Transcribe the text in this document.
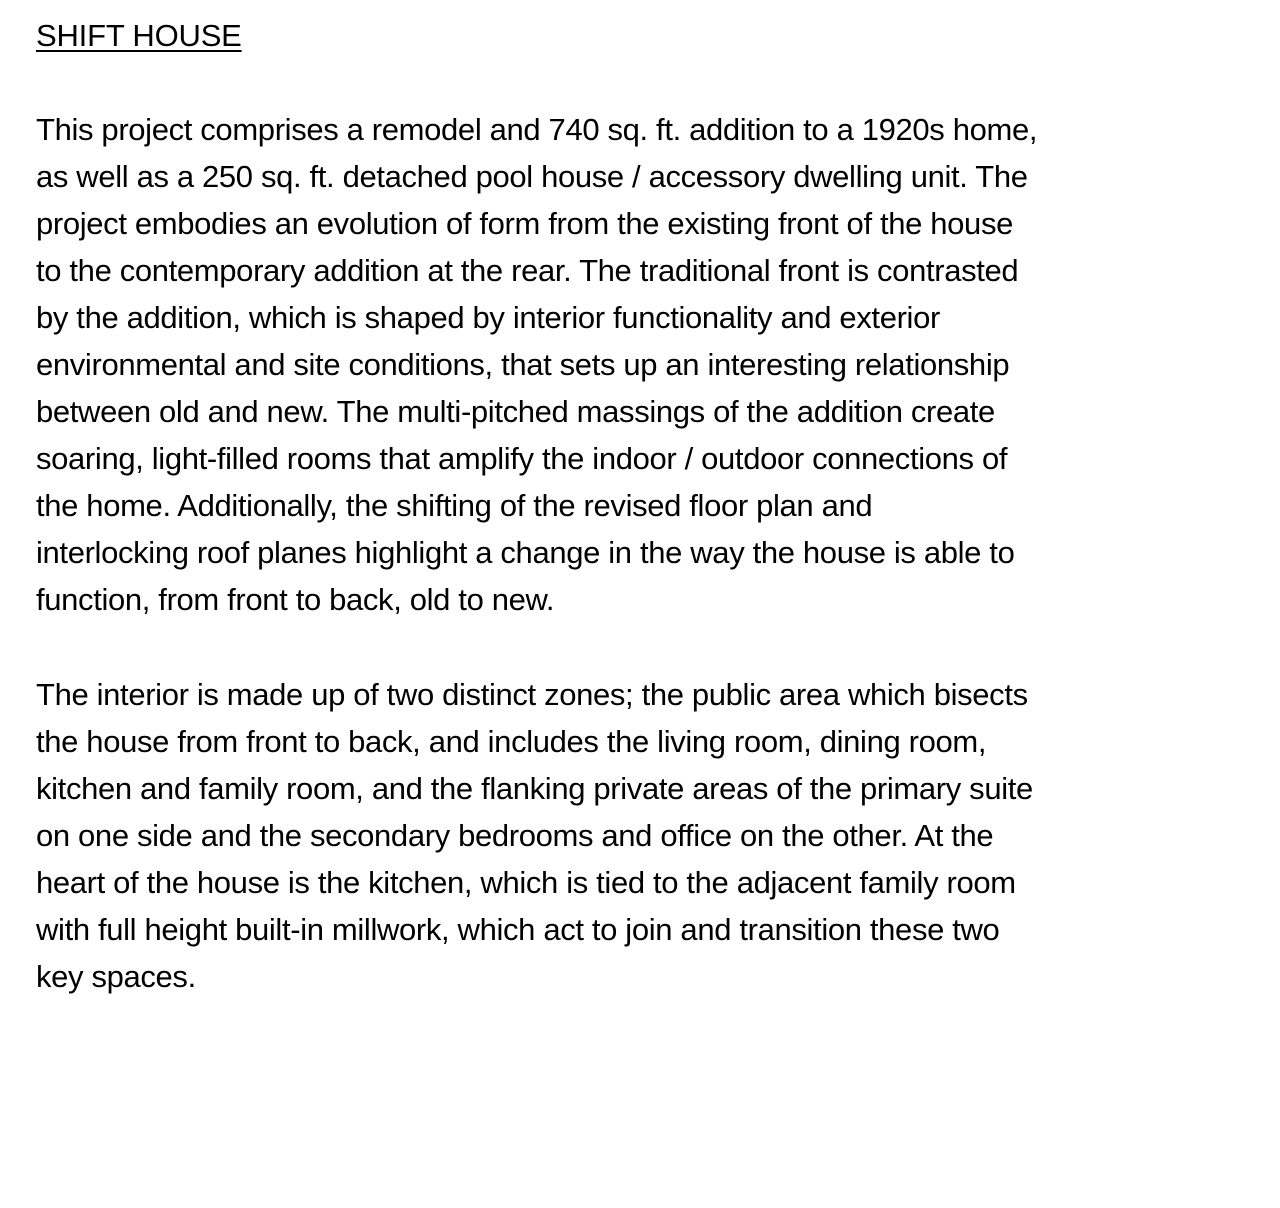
SHIFT HOUSE

This project comprises a remodel and 740 sq. ft. addition to a 1920s home,
as well as a 250 sq. ft. detached pool house / accessory dwelling unit. The
project embodies an evolution of form from the existing front of the house
to the contemporary addition at the rear. The traditional front is contrasted
by the addition, which is shaped by interior functionality and exterior
environmental and site conditions, that sets up an interesting relationship
between old and new. The multi-pitched massings of the addition create
soaring, light-filled rooms that amplify the indoor / outdoor connections of
the home. Additionally, the shifting of the revised floor plan and
interlocking roof planes highlight a change in the way the house is able to
function, from front to back, old to new.

The interior is made up of two distinct zones; the public area which bisects
the house from front to back, and includes the living room, dining room,
kitchen and family room, and the flanking private areas of the primary suite
on one side and the secondary bedrooms and office on the other. At the
heart of the house is the kitchen, which is tied to the adjacent family room
with full height built-in millwork, which act to join and transition these two
key spaces.
